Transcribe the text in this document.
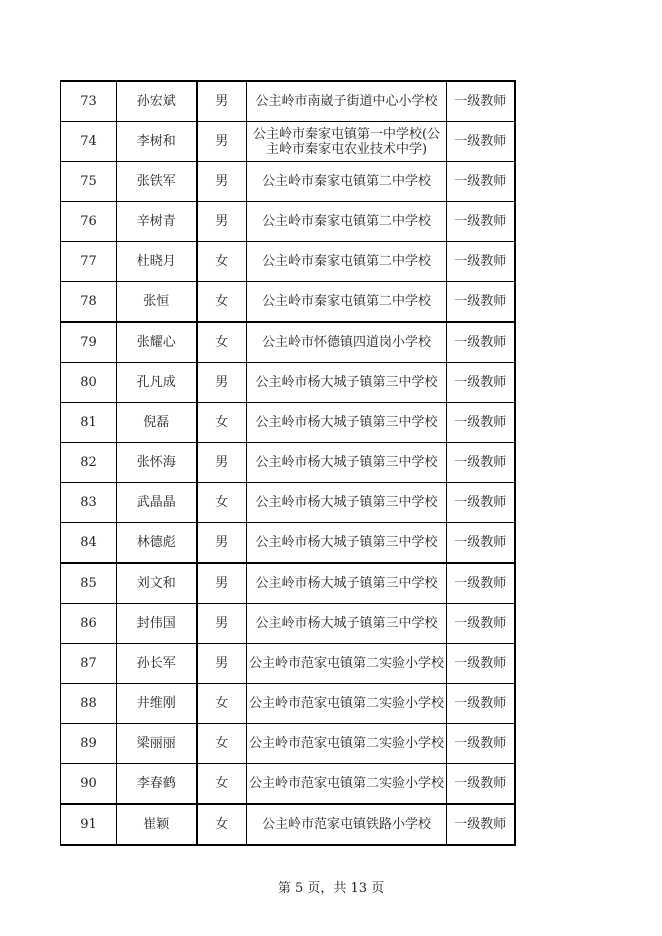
73	孙宏斌	男	公主岭市南崴子街道中心小学校	一级教师
74	李树和	男	公主岭市秦家屯镇第一中学校(公主岭市秦家屯农业技术中学)	一级教师
75	张铁军	男	公主岭市秦家屯镇第二中学校	一级教师
76	辛树青	男	公主岭市秦家屯镇第二中学校	一级教师
77	杜晓月	女	公主岭市秦家屯镇第二中学校	一级教师
78	张恒	女	公主岭市秦家屯镇第二中学校	一级教师
79	张耀心	女	公主岭市怀德镇四道岗小学校	一级教师
80	孔凡成	男	公主岭市杨大城子镇第三中学校	一级教师
81	倪磊	女	公主岭市杨大城子镇第三中学校	一级教师
82	张怀海	男	公主岭市杨大城子镇第三中学校	一级教师
83	武晶晶	女	公主岭市杨大城子镇第三中学校	一级教师
84	林德彪	男	公主岭市杨大城子镇第三中学校	一级教师
85	刘文和	男	公主岭市杨大城子镇第三中学校	一级教师
86	封伟国	男	公主岭市杨大城子镇第三中学校	一级教师
87	孙长军	男	公主岭市范家屯镇第二实验小学校	一级教师
88	井维刚	女	公主岭市范家屯镇第二实验小学校	一级教师
89	梁丽丽	女	公主岭市范家屯镇第二实验小学校	一级教师
90	李春鹤	女	公主岭市范家屯镇第二实验小学校	一级教师
91	崔颖	女	公主岭市范家屯镇铁路小学校	一级教师
第 5 页，共 13 页
